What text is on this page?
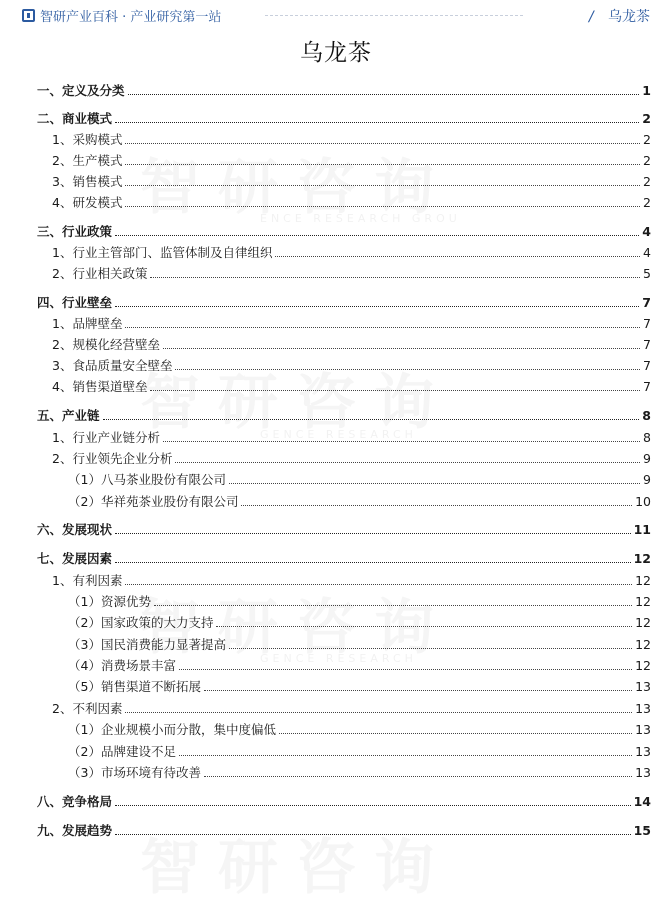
智研产业百科 · 产业研究第一站	/ 乌龙茶
乌龙茶
ENCE RESEARCH GROU
GENCE RESEARCH
GENCE RESEARCH
一、定义及分类	1
二、商业模式	2
1、采购模式	2
2、生产模式	2
3、销售模式	2
4、研发模式	2
三、行业政策	4
1、行业主管部门、监管体制及自律组织	4
2、行业相关政策	5
四、行业壁垒	7
1、品牌壁垒	7
2、规模化经营壁垒	7
3、食品质量安全壁垒	7
4、销售渠道壁垒	7
五、产业链	8
1、行业产业链分析	8
2、行业领先企业分析	9
（1）八马茶业股份有限公司	9
（2）华祥苑茶业股份有限公司	10
六、发展现状	11
七、发展因素	12
1、有利因素	12
（1）资源优势	12
（2）国家政策的大力支持	12
（3）国民消费能力显著提高	12
（4）消费场景丰富	12
（5）销售渠道不断拓展	13
2、不利因素	13
（1）企业规模小而分散，集中度偏低	13
（2）品牌建设不足	13
（3）市场环境有待改善	13
八、竞争格局	14
九、发展趋势	15
